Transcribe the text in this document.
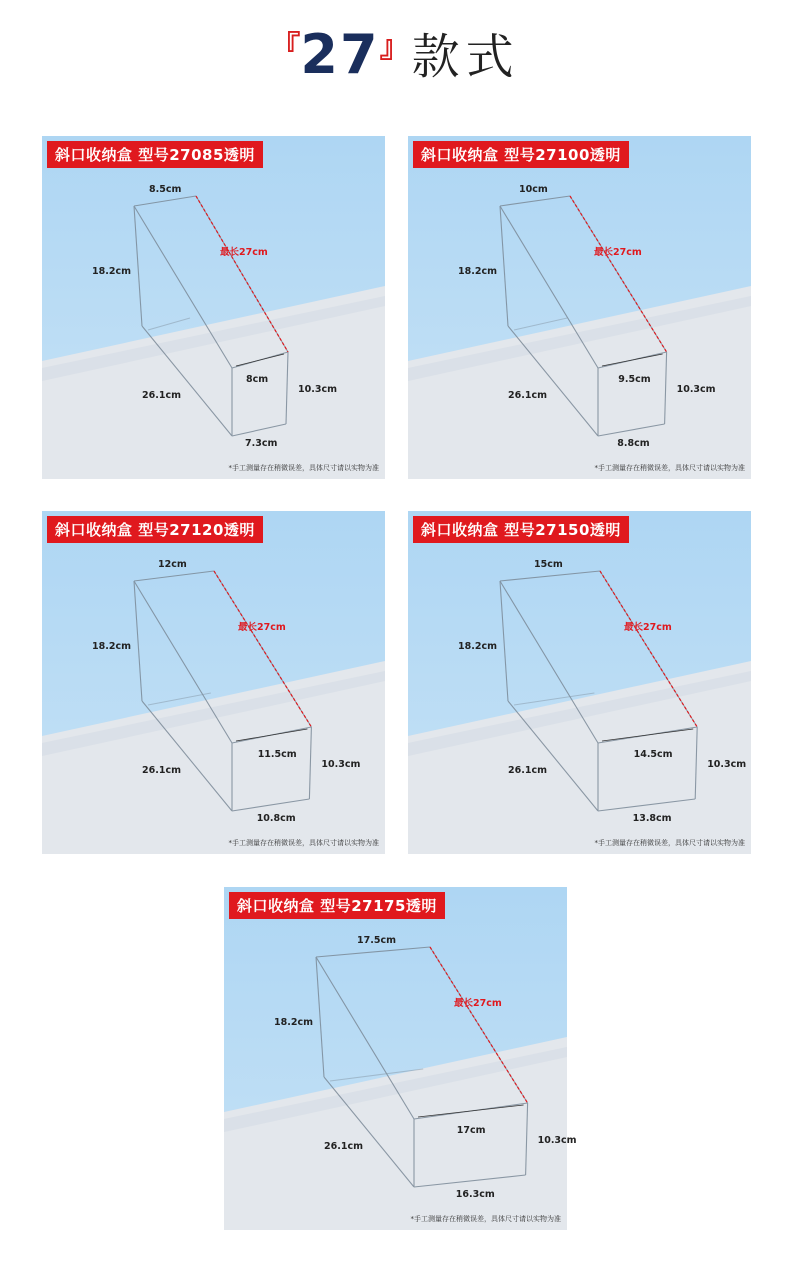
『27』款式
斜口收纳盒 型号27085透明
8.5cm
18.2cm
最长27cm
8cm
26.1cm
10.3cm
7.3cm
*手工测量存在稍微误差，具体尺寸请以实物为准
斜口收纳盒 型号27100透明
10cm
18.2cm
最长27cm
9.5cm
26.1cm
10.3cm
8.8cm
*手工测量存在稍微误差，具体尺寸请以实物为准
斜口收纳盒 型号27120透明
12cm
18.2cm
最长27cm
11.5cm
26.1cm
10.3cm
10.8cm
*手工测量存在稍微误差，具体尺寸请以实物为准
斜口收纳盒 型号27150透明
15cm
18.2cm
最长27cm
14.5cm
26.1cm
10.3cm
13.8cm
*手工测量存在稍微误差，具体尺寸请以实物为准
斜口收纳盒 型号27175透明
17.5cm
18.2cm
最长27cm
17cm
26.1cm
10.3cm
16.3cm
*手工测量存在稍微误差，具体尺寸请以实物为准
